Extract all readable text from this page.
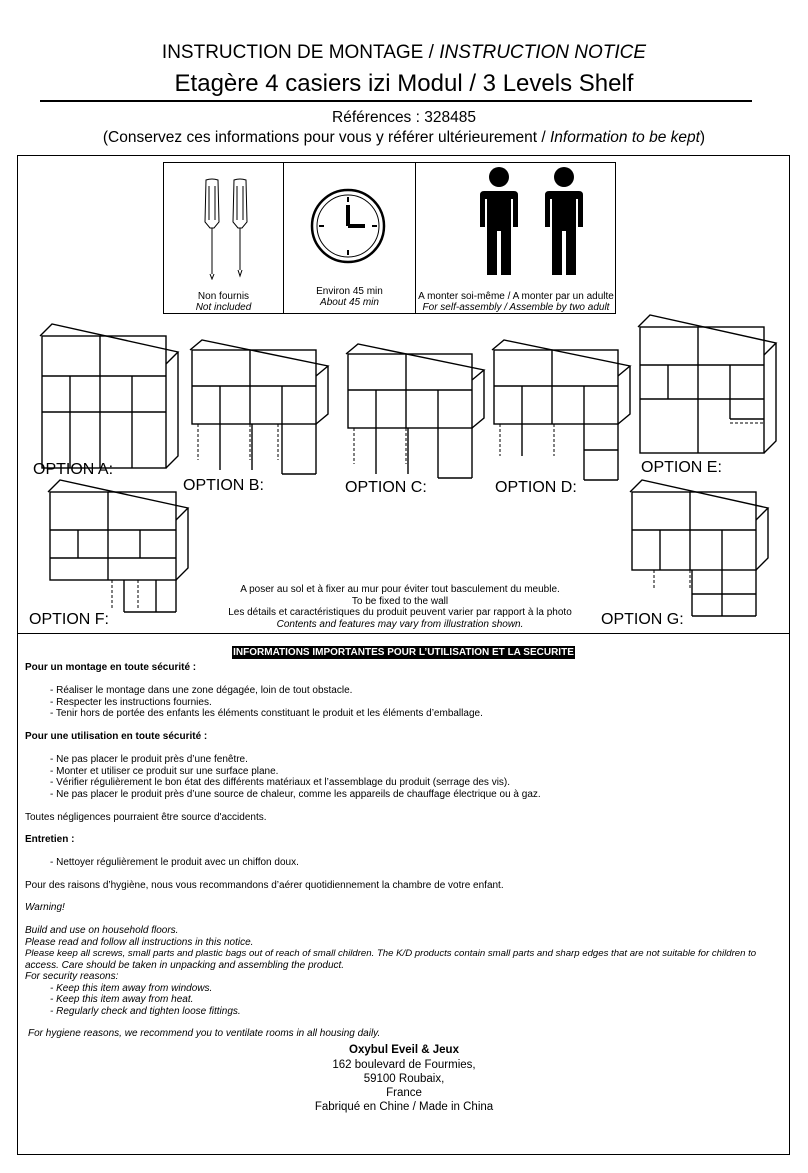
INSTRUCTION DE MONTAGE / INSTRUCTION NOTICE
Etagère 4 casiers izi Modul / 3 Levels Shelf
Références : 328485
(Conservez ces informations pour vous y référer ultérieurement / Information to be kept)
Non fournis
Not included
Environ 45 min
About 45 min
A monter soi-même / A monter par un adulte
For self-assembly / Assemble by two adult
OPTION A:
OPTION B:	OPTION C:	OPTION D:
OPTION E:
OPTION F:	OPTION G:
A poser au sol et à fixer au mur pour éviter tout basculement du meuble.
To be fixed to the wall
Les détails et caractéristiques du produit peuvent varier par rapport à la photo
Contents and features may vary from illustration shown.
INFORMATIONS IMPORTANTES POUR L’UTILISATION ET LA SECURITE
Pour un montage en toute sécurité :
- Réaliser le montage dans une zone dégagée, loin de tout obstacle.
- Respecter les instructions fournies.
- Tenir hors de portée des enfants les éléments constituant le produit et les éléments d’emballage.
Pour une utilisation en toute sécurité :
- Ne pas placer le produit près d’une fenêtre.
- Monter et utiliser ce produit sur une surface plane.
- Vérifier régulièrement le bon état des différents matériaux et l’assemblage du produit (serrage des vis).
- Ne pas placer le produit près d’une source de chaleur, comme les appareils de chauffage électrique ou à gaz.
Toutes négligences pourraient être source d'accidents.
Entretien :
- Nettoyer régulièrement le produit avec un chiffon doux.
Pour des raisons d’hygiène, nous vous recommandons d’aérer quotidiennement la chambre de votre enfant.
Warning!
Build and use on household floors.
Please read and follow all instructions in this notice.
Please keep all screws, small parts and plastic bags out of reach of small children. The K/D products contain small parts and sharp edges that are not suitable for children to
access. Care should be taken in unpacking and assembling the product.
For security reasons:
- Keep this item away from windows.
- Keep this item away from heat.
- Regularly check and tighten loose fittings.
For hygiene reasons, we recommend you to ventilate rooms in all housing daily.
Oxybul Eveil & Jeux
162 boulevard de Fourmies,
59100 Roubaix,
France
Fabriqué en Chine / Made in China
